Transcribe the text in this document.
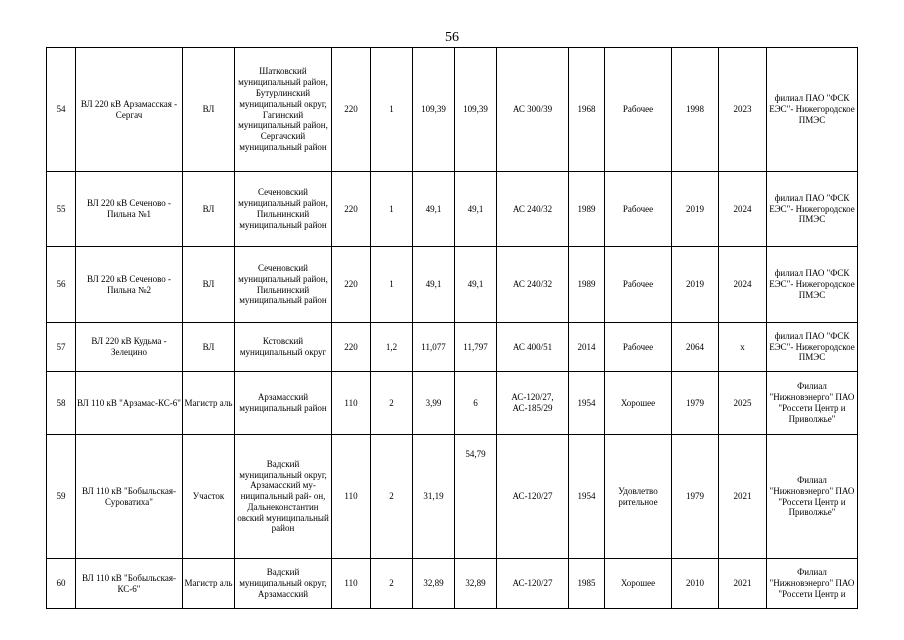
56
54	ВЛ 220 кВ Арзамасская - Сергач	ВЛ	Шатковский муниципальный район, Бутурлинский муниципальный округ, Гагинский муниципальный район, Сергачский муниципальный район	220	1	109,39	109,39	АС 300/39	1968	Рабочее	1998	2023	филиал ПАО "ФСК ЕЭС"- Нижегородское ПМЭС
55	ВЛ 220 кВ Сеченово - Пильна №1	ВЛ	Сеченовский муниципальный район, Пильнинский муниципальный район	220	1	49,1	49,1	АС 240/32	1989	Рабочее	2019	2024	филиал ПАО "ФСК ЕЭС"- Нижегородское ПМЭС
56	ВЛ 220 кВ Сеченово - Пильна №2	ВЛ	Сеченовский муниципальный район, Пильнинский муниципальный район	220	1	49,1	49,1	АС 240/32	1989	Рабочее	2019	2024	филиал ПАО "ФСК ЕЭС"- Нижегородское ПМЭС
57	ВЛ 220 кВ Кудьма - Зелецино	ВЛ	Кстовский муниципальный округ	220	1,2	11,077	11,797	АС 400/51	2014	Рабочее	2064	х	филиал ПАО "ФСК ЕЭС"- Нижегородское ПМЭС
58	ВЛ 110 кВ "Арзамас-КС-6"	Магистр аль	Арзамасский муниципальный район	110	2	3,99	6	АС-120/27, АС-185/29	1954	Хорошее	1979	2025	Филиал "Нижновэнерго" ПАО "Россети Центр и Приволжье"
59	ВЛ 110 кВ "Бобыльская- Суроватиха"	Участок	Вадский муниципальный округ, Арзамасский му- ниципальный рай- он, Дальнеконстантин овский муниципальный район	110	2	31,19	54,79	АС-120/27	1954	Удовлетво рительное	1979	2021	Филиал "Нижновэнерго" ПАО "Россети Центр и Приволжье"
60	ВЛ 110 кВ "Бобыльская-КС-6"	Магистр аль	Вадский муниципальный округ, Арзамасский	110	2	32,89	32,89	АС-120/27	1985	Хорошее	2010	2021	Филиал "Нижновэнерго" ПАО "Россети Центр и
